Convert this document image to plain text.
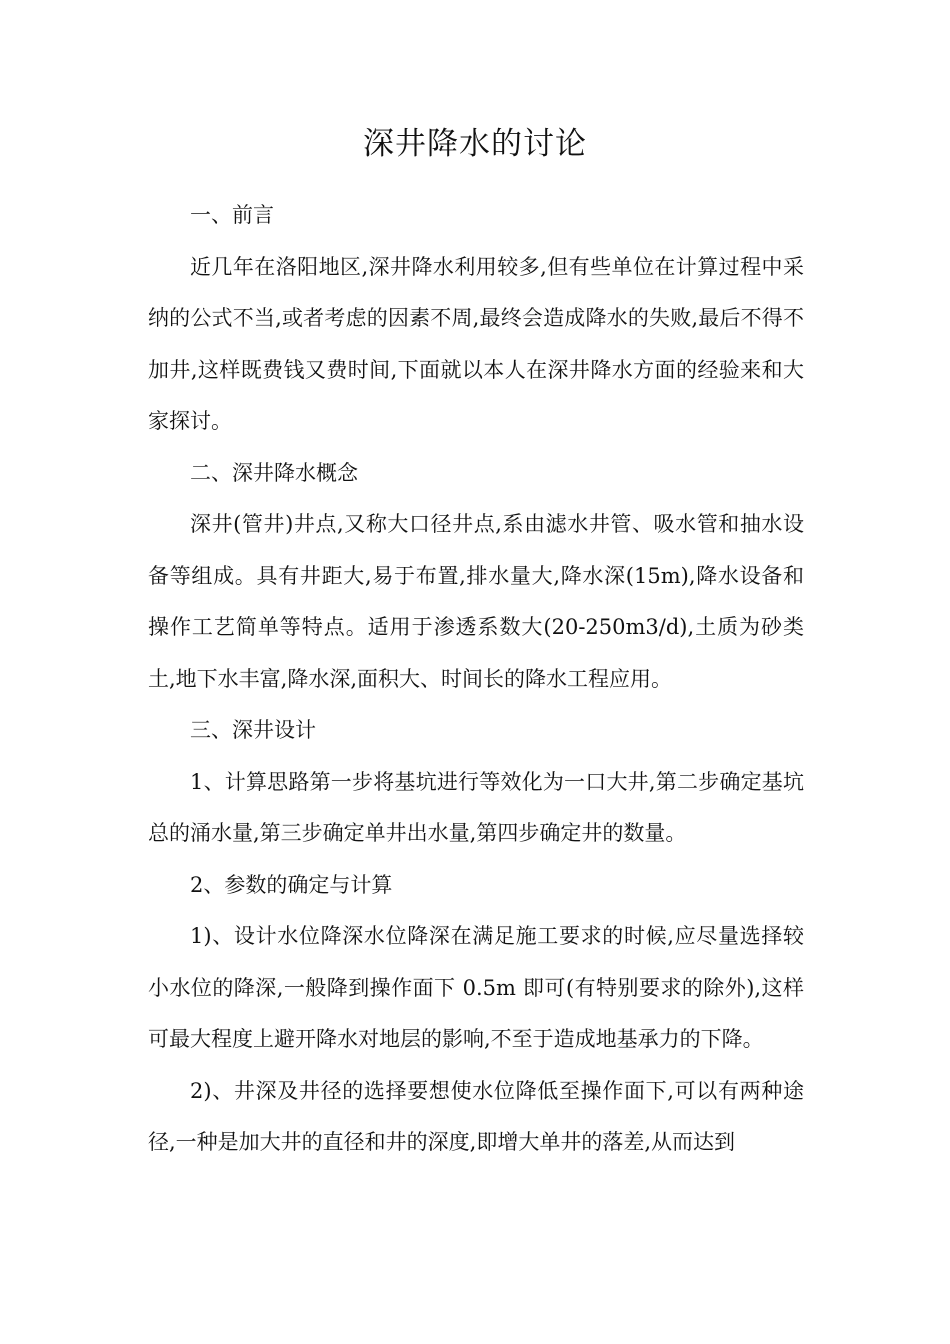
深井降水的讨论

一、前言

近几年在洛阳地区,深井降水利用较多,但有些单位在计算过程中采纳的公式不当,或者考虑的因素不周,最终会造成降水的失败,最后不得不加井,这样既费钱又费时间,下面就以本人在深井降水方面的经验来和大家探讨。

二、深井降水概念

深井(管井)井点,又称大口径井点,系由滤水井管、吸水管和抽水设备等组成。具有井距大,易于布置,排水量大,降水深(15m),降水设备和操作工艺简单等特点。适用于渗透系数大(20-250m3/d),土质为砂类土,地下水丰富,降水深,面积大、时间长的降水工程应用。

三、深井设计

1、计算思路第一步将基坑进行等效化为一口大井,第二步确定基坑总的涌水量,第三步确定单井出水量,第四步确定井的数量。

2、参数的确定与计算

1)、设计水位降深水位降深在满足施工要求的时候,应尽量选择较小水位的降深,一般降到操作面下 0.5m 即可(有特别要求的除外),这样可最大程度上避开降水对地层的影响,不至于造成地基承力的下降。

2)、井深及井径的选择要想使水位降低至操作面下,可以有两种途径,一种是加大井的直径和井的深度,即增大单井的落差,从而达到
